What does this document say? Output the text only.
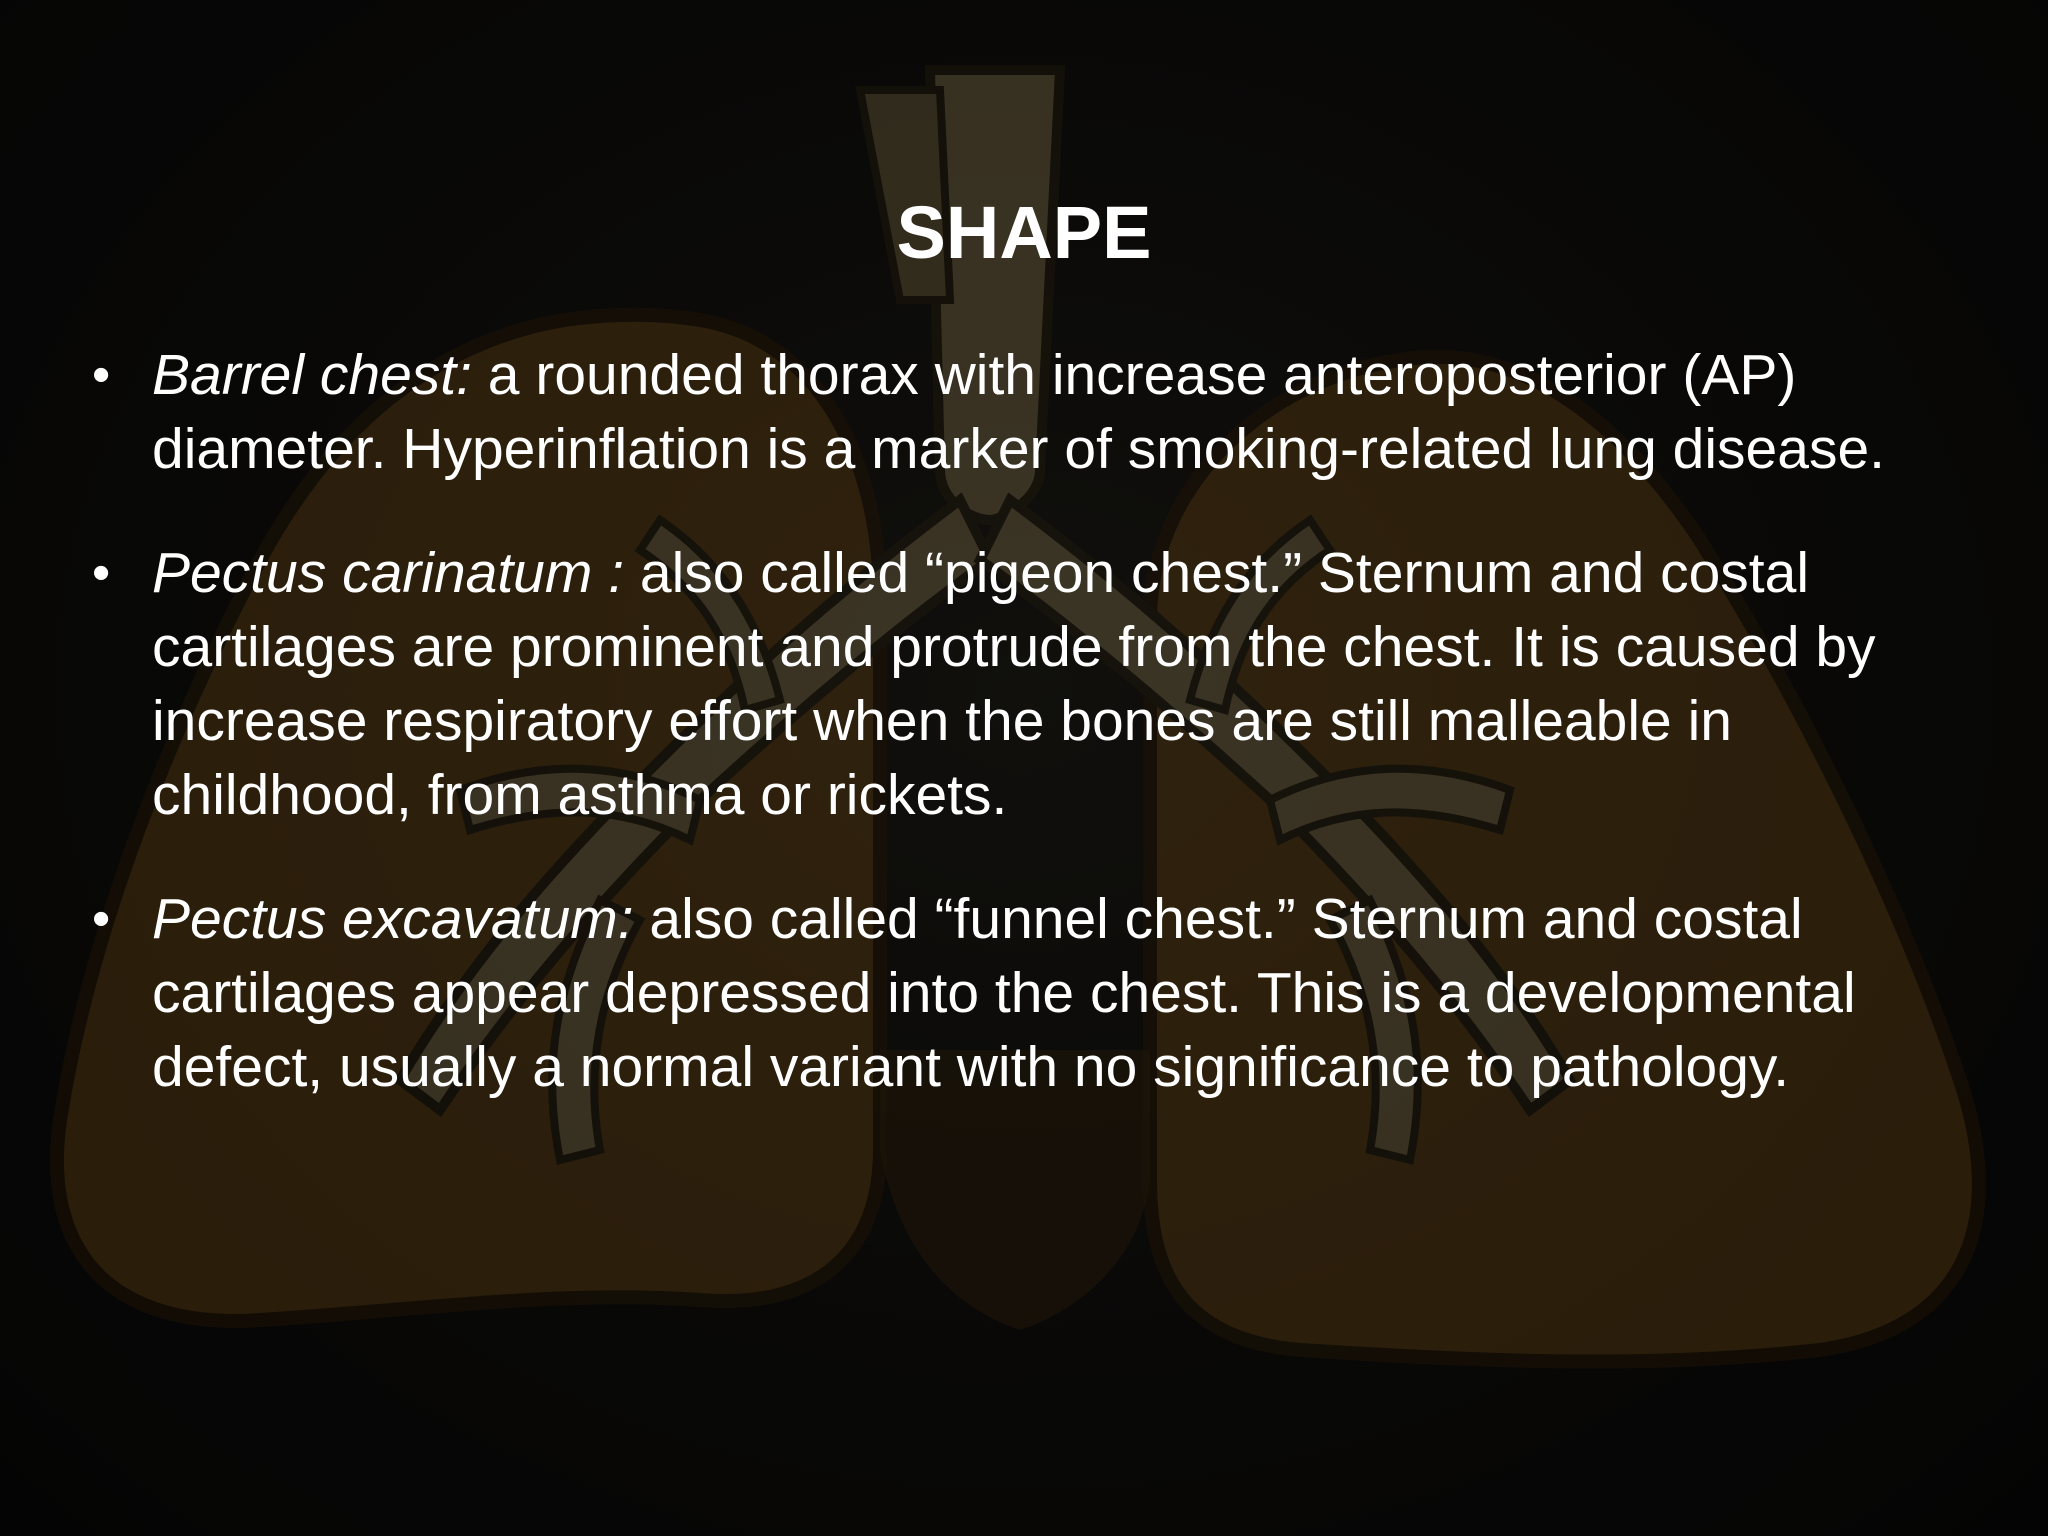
SHAPE
• Barrel chest: a rounded thorax with increase anteroposterior (AP) diameter. Hyperinflation is a marker of smoking-related lung disease.
• Pectus carinatum : also called “pigeon chest.” Sternum and costal cartilages are prominent and protrude from the chest. It is caused by increase respiratory effort when the bones are still malleable in childhood, from asthma or rickets.
• Pectus excavatum: also called “funnel chest.” Sternum and costal cartilages appear depressed into the chest. This is a developmental defect, usually a normal variant with no significance to pathology.
